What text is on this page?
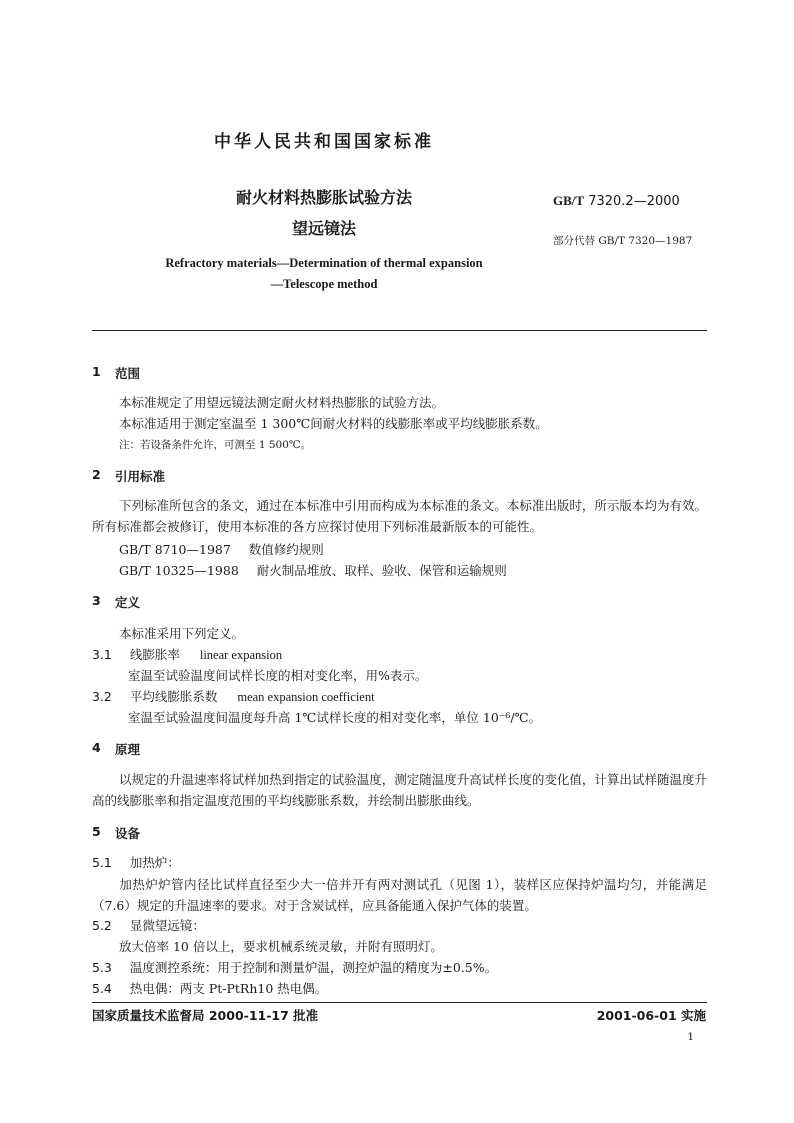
中华人民共和国国家标准
耐火材料热膨胀试验方法
望远镜法
Refractory materials—Determination of thermal expansion
—Telescope method
GB/T 7320.2—2000
部分代替 GB/T 7320—1987
1 范围
本标准规定了用望远镜法测定耐火材料热膨胀的试验方法。
本标准适用于测定室温至 1 300℃间耐火材料的线膨胀率或平均线膨胀系数。
注：若设备条件允许，可测至 1 500℃。
2 引用标准
下列标准所包含的条文，通过在本标准中引用而构成为本标准的条文。本标准出版时，所示版本均为有效。所有标准都会被修订，使用本标准的各方应探讨使用下列标准最新版本的可能性。
GB/T 8710—1987 数值修约规则
GB/T 10325—1988 耐火制品堆放、取样、验收、保管和运输规则
3 定义
本标准采用下列定义。
3.1 线膨胀率 linear expansion
室温至试验温度间试样长度的相对变化率，用%表示。
3.2 平均线膨胀系数 mean expansion coefficient
室温至试验温度间温度每升高 1℃试样长度的相对变化率，单位 10⁻⁶/℃。
4 原理
以规定的升温速率将试样加热到指定的试验温度，测定随温度升高试样长度的变化值，计算出试样随温度升高的线膨胀率和指定温度范围的平均线膨胀系数，并绘制出膨胀曲线。
5 设备
5.1 加热炉：
加热炉炉管内径比试样直径至少大一倍并开有两对测试孔（见图 1），装样区应保持炉温均匀，并能满足（7.6）规定的升温速率的要求。对于含炭试样，应具备能通入保护气体的装置。
5.2 显微望远镜：
放大倍率 10 倍以上，要求机械系统灵敏，并附有照明灯。
5.3 温度测控系统：用于控制和测量炉温，测控炉温的精度为±0.5%。
5.4 热电偶：两支 Pt-PtRh10 热电偶。
国家质量技术监督局 2000-11-17 批准	2001-06-01 实施
1
